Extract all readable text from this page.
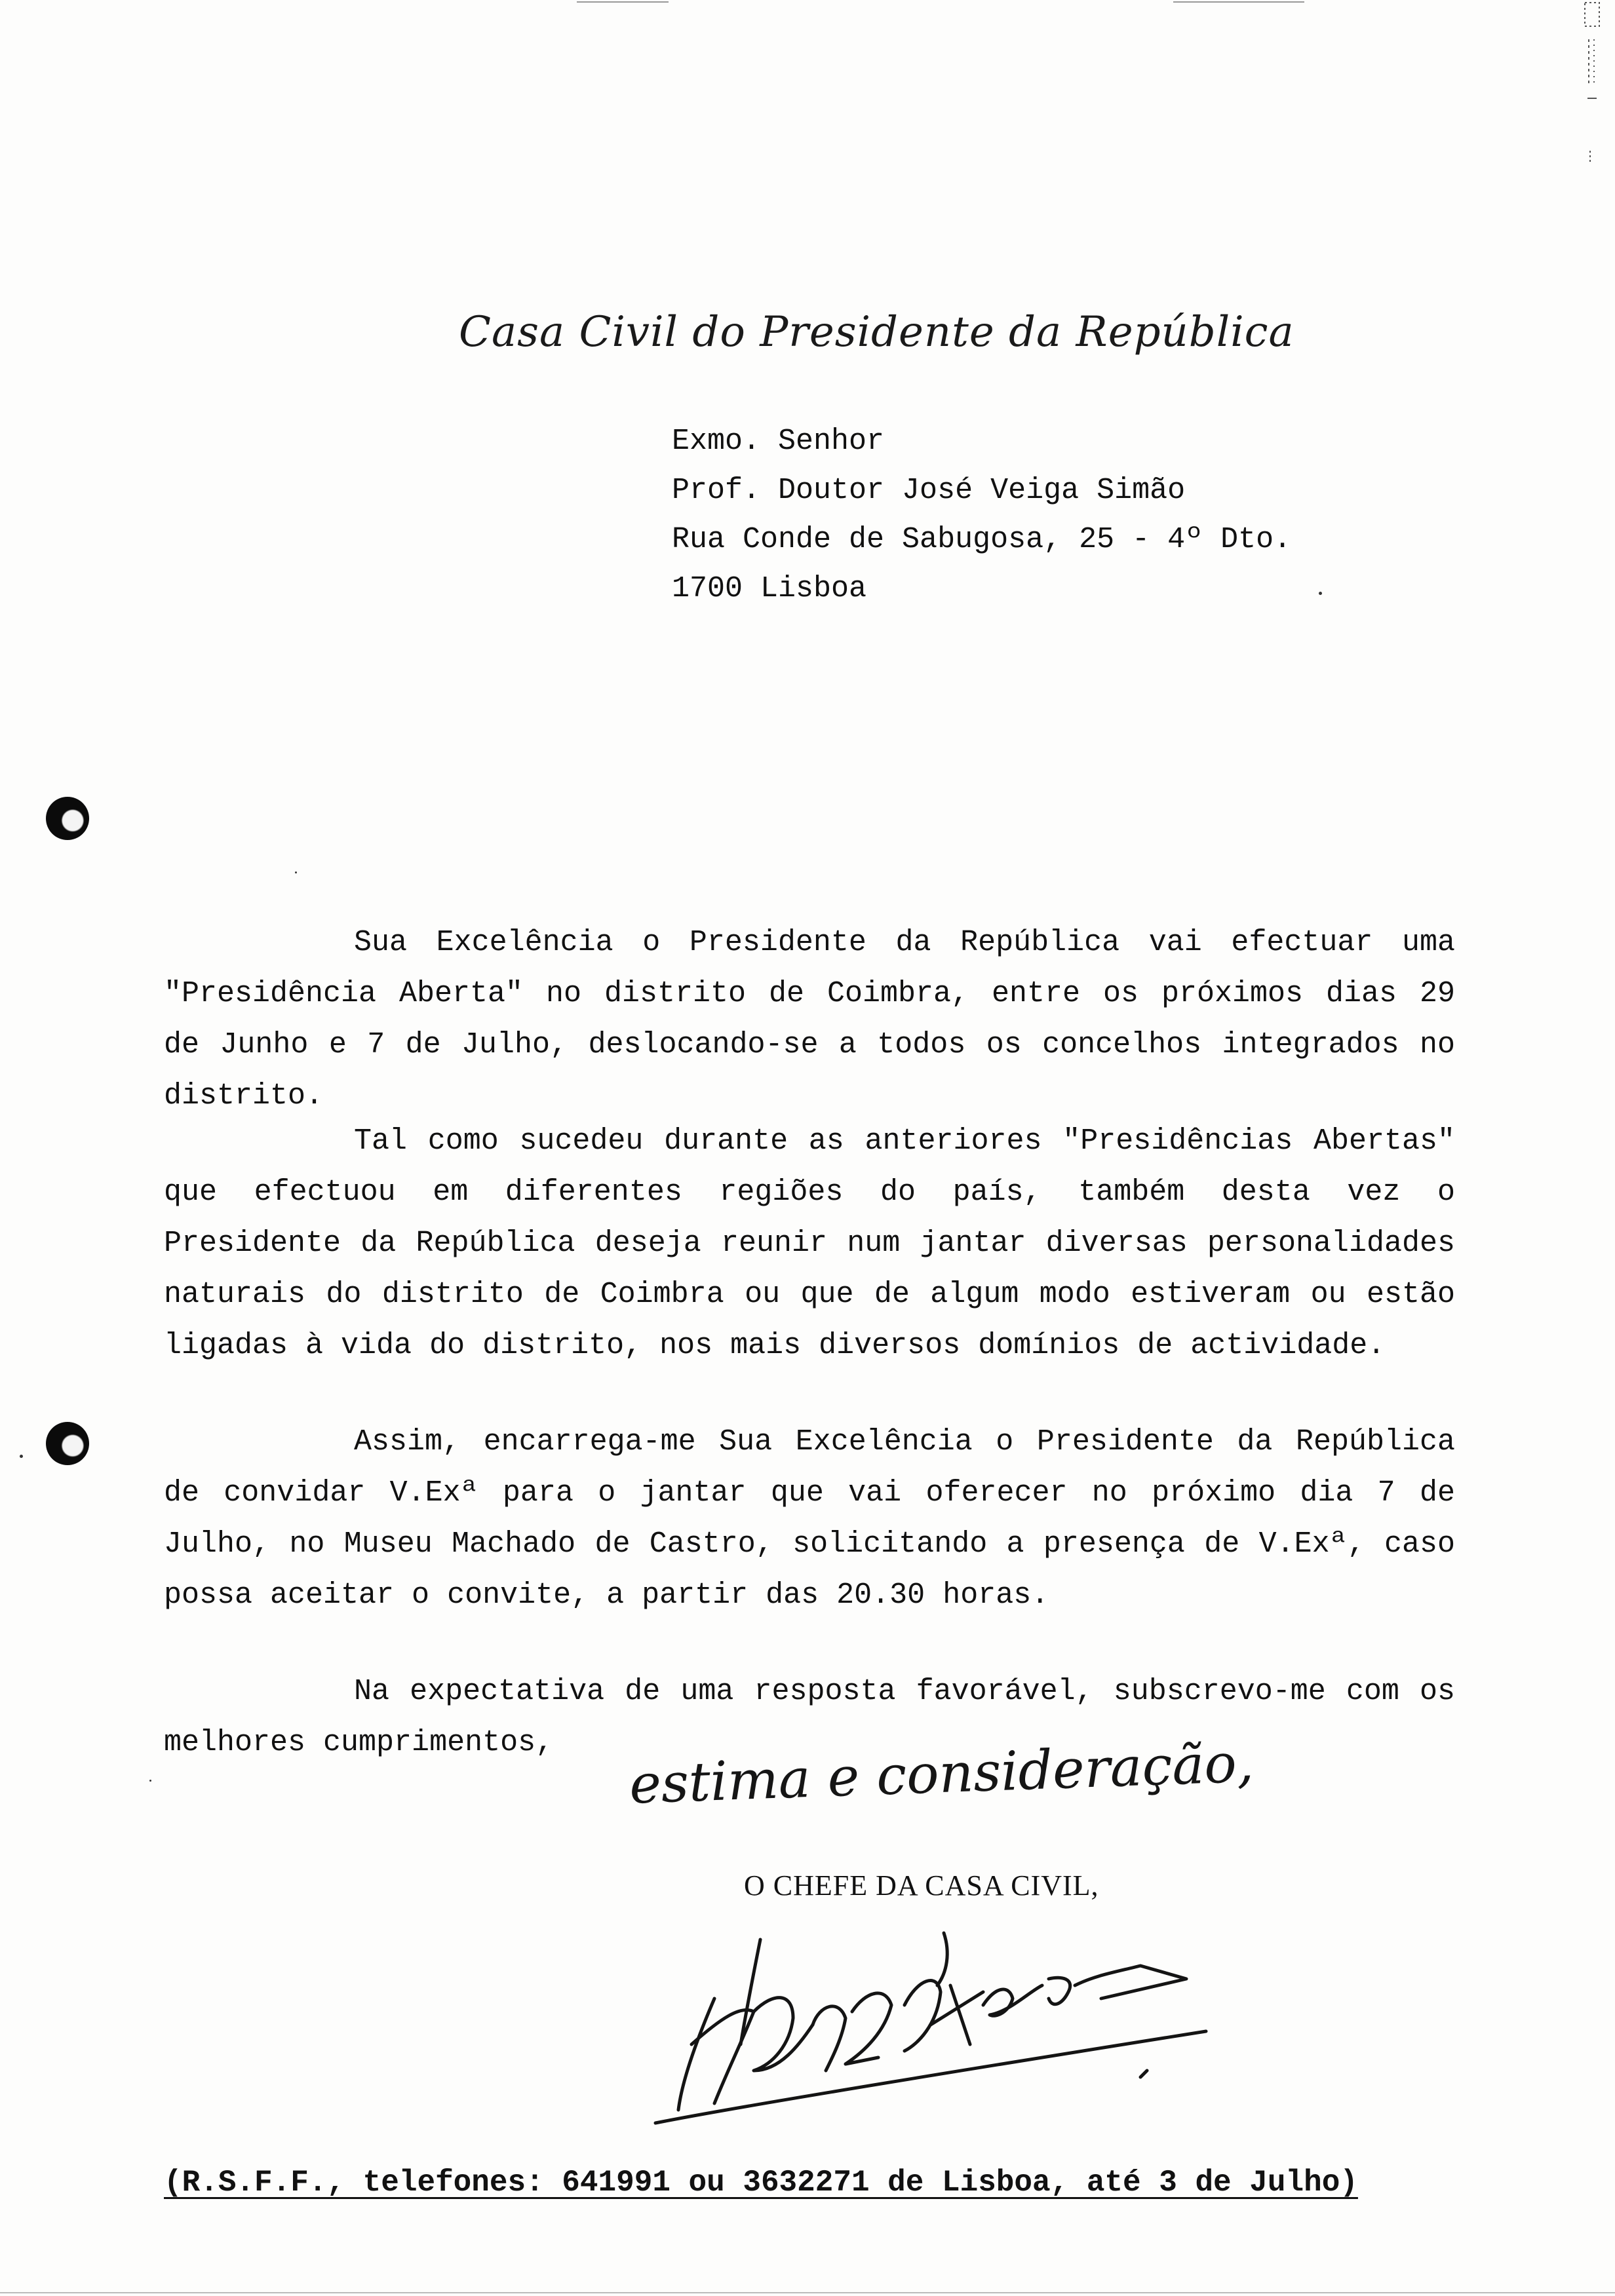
Casa Civil do Presidente da República
Exmo. Senhor
Prof. Doutor José Veiga Simão
Rua Conde de Sabugosa, 25 - 4º Dto.
1700 Lisboa

Sua Excelência o Presidente da República vai efectuar uma "Presidência Aberta" no distrito de Coimbra, entre os próximos dias 29 de Junho e 7 de Julho, deslocando-se a todos os concelhos integrados no distrito.

Tal como sucedeu durante as anteriores "Presidências Abertas" que efectuou em diferentes regiões do país, também desta vez o Presidente da República deseja reunir num jantar diversas personalidades naturais do distrito de Coimbra ou que de algum modo estiveram ou estão ligadas à vida do distrito, nos mais diversos domínios de actividade.

Assim, encarrega-me Sua Excelência o Presidente da República de convidar V.Exª para o jantar que vai oferecer no próximo dia 7 de Julho, no Museu Machado de Castro, solicitando a presença de V.Exª, caso possa aceitar o convite, a partir das 20.30 horas.

Na expectativa de uma resposta favorável, subscrevo-me com os melhores cumprimentos,	estima e consideração,
O CHEFE DA CASA CIVIL,
(R.S.F.F., telefones: 641991 ou 3632271 de Lisboa, até 3 de Julho)
